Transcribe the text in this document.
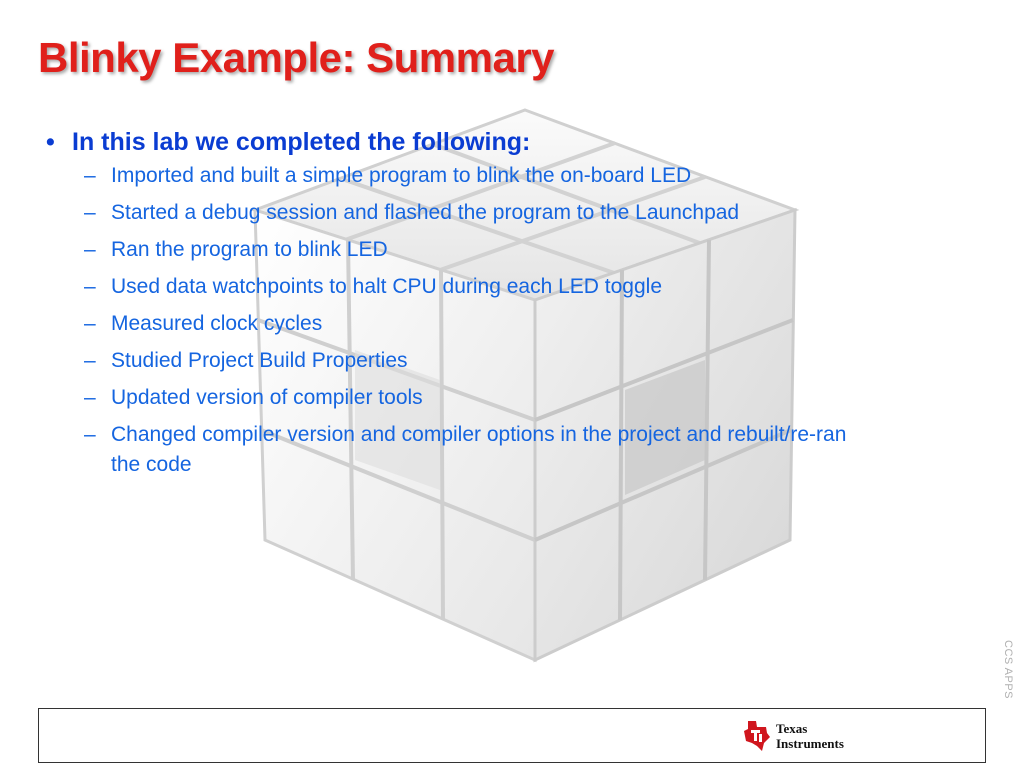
Blinky Example: Summary
• In this lab we completed the following:
– Imported and built a simple program to blink the on-board LED
– Started a debug session and flashed the program to the Launchpad
– Ran the program to blink LED
– Used data watchpoints to halt CPU during each LED toggle
– Measured clock cycles
– Studied Project Build Properties
– Updated version of compiler tools
– Changed compiler version and compiler options in the project and rebuilt/re-ran the code
CCS APPS
Texas
Instruments
